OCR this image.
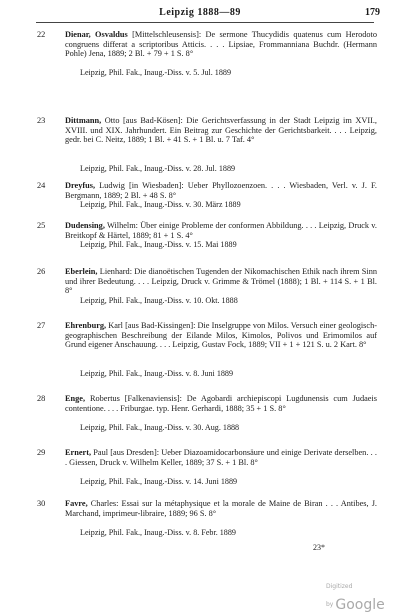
Leipzig 1888—89	179
22	Dienar, Osvaldus [Mittelschleusensis]: De sermone Thucydidis quatenus cum Herodoto congruens differat a scriptoribus Atticis. . . . Lipsiae, Frommanniana Buchdr. (Hermann Pohle) Jena, 1889; 2 Bl. + 79 + 1 S. 8°
Leipzig, Phil. Fak., Inaug.-Diss. v. 5. Jul. 1889
23	Dittmann, Otto [aus Bad-Kösen]: Die Gerichtsverfassung in der Stadt Leipzig im XVII., XVIII. und XIX. Jahrhundert. Ein Beitrag zur Geschichte der Gerichtsbarkeit. . . . Leipzig, gedr. bei C. Neitz, 1889; 1 Bl. + 41 S. + 1 Bl. u. 7 Taf. 4°
Leipzig, Phil. Fak., Inaug.-Diss. v. 28. Jul. 1889
24	Dreyfus, Ludwig [in Wiesbaden]: Ueber Phyllozoenzoen. . . . Wiesbaden, Verl. v. J. F. Bergmann, 1889; 2 Bl. + 48 S. 8°
Leipzig, Phil. Fak., Inaug.-Diss. v. 30. März 1889
25	Dudensing, Wilhelm: Über einige Probleme der conformen Abbildung. . . . Leipzig, Druck v. Breitkopf & Härtel, 1889; 81 + 1 S. 4°
Leipzig, Phil. Fak., Inaug.-Diss. v. 15. Mai 1889
26	Eberlein, Lienhard: Die dianoëtischen Tugenden der Nikomachischen Ethik nach ihrem Sinn und ihrer Bedeutung. . . . Leipzig, Druck v. Grimme & Trömel (1888); 1 Bl. + 114 S. + 1 Bl. 8°
Leipzig, Phil. Fak., Inaug.-Diss. v. 10. Okt. 1888
27	Ehrenburg, Karl [aus Bad-Kissingen]: Die Inselgruppe von Milos. Versuch einer geologisch-geographischen Beschreibung der Eilande Milos, Kimolos, Polivos und Erimomilos auf Grund eigener Anschauung. . . . Leipzig, Gustav Fock, 1889; VII + 1 + 121 S. u. 2 Kart. 8°
Leipzig, Phil. Fak., Inaug.-Diss. v. 8. Juni 1889
28	Enge, Robertus [Falkenaviensis]: De Agobardi archiepiscopi Lugdunensis cum Judaeis contentione. . . . Friburgae. typ. Henr. Gerhardi, 1888; 35 + 1 S. 8°
Leipzig, Phil. Fak., Inaug.-Diss. v. 30. Aug. 1888
29	Ernert, Paul [aus Dresden]: Ueber Diazoamidocarbonsäure und einige Derivate derselben. . . . Giessen, Druck v. Wilhelm Keller, 1889; 37 S. + 1 Bl. 8°
Leipzig, Phil. Fak., Inaug.-Diss. v. 14. Juni 1889
30	Favre, Charles: Essai sur la métaphysique et la morale de Maine de Biran . . . Antibes, J. Marchand, imprimeur-libraire, 1889; 96 S. 8°
Leipzig, Phil. Fak., Inaug.-Diss. v. 8. Febr. 1889
23*
Digitized by Google
